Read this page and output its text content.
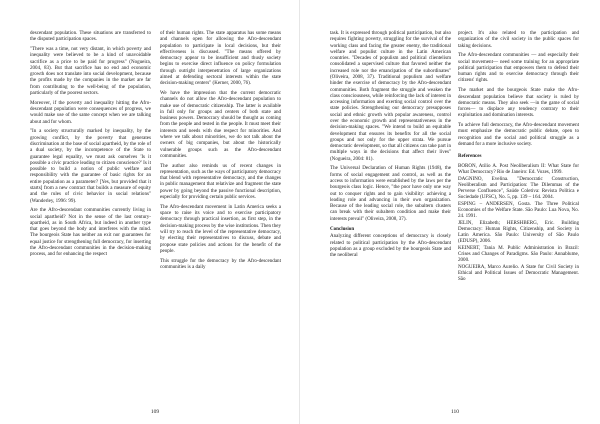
descendant population. These situations are transferred to the disputed participation spaces.

"There was a time, not very distant, in which poverty and inequality were believed to be a kind of unavoidable sacrifice as a price to be paid for progress" (Nogueira, 2004, 83). But that sacrifice has no end and economic growth does not translate into social development, because the profits made by the companies in the market are far from contributing to the well-being of the population, particularly of the poorest sectors.

Moreover, if the poverty and inequality hitting the Afro-descendant population were consequences of progress, we would make use of the same concept when we are talking about and for whom.

"In a society structurally marked by inequality, by the growing conflict, by the poverty that generates discrimination at the base of social apartheid, by the role of a dual society, by the incompetence of the State to guarantee legal equality, we must ask ourselves 'Is it possible a civic practice leading to citizen conscience?' Is it possible to build a notion of public welfare and responsibility with the guarantee of basic rights for an entire population as a parameter? [Yes, but provided that it starts] from a new contract that builds a measure of equity and the rules of civic behavior in social relations" (Wanderley, 1996: 99).

Are the Afro-descendant communities currently living in social apartheid? Not in the sense of the last century-apartheid, as in South Africa, but indeed in another type that goes beyond the body and interferes with the mind. The bourgeois State has neither an exit nor guarantees for equal justice for strengthening full democracy, for inserting the Afro-descendant communities in the decision-making process, and for enhancing the respect

of their human rights. The state apparatus has some means and channels open for allowing the Afro-descendant population to participate in local decisions, but their effectiveness is discussed. "The means offered by democracy appear to be insufficient and thusly society begins to exercise direct influence on policy formulation through outright interpenetration of large organizations aimed at defending sectoral interests within the state decision-making centers" (Kerner, 2000, 76).

We have the impression that the current democratic channels do not allow the Afro-descendant population to make use of democratic citizenship. The latter is available in full only for groups and centers of both state and business powers. Democracy should be thought as coming from the people and tested in the people. It must meet their interests and needs with due respect for minorities. And where we talk about minorities, we do not talk about the owners of big companies, but about the historically vulnerable groups such as the Afro-descendant communities.

The author also reminds us of recent changes in representation, such as the ways of participatory democracy that blend with representative democracy, and the changes in public management that relativize and fragment the state power by going beyond the passive functional description, especially for providing certain public services.

The Afro-descendant movement in Latin America seeks a space to raise its voice and to exercise participatory democracy through practical insertion, as first step, in the decision-making process by the wise institutions. Then they will try to reach the level of the representative democracy, by electing their representatives to discuss, debate and propose state policies and actions for the benefit of the people.

This struggle for the democracy by the Afro-descendant communities is a daily

109

task. It is expressed through political participation, but also requires fighting poverty, struggling for the survival of the working class and facing the greater enemy, the traditional welfare and populist culture in the Latin American countries. "Decades of populism and political clientelism consolidated a supervised culture that favored neither the increased role nor the emancipation of the subordinates"(Oliveira, 2008, 37). Traditional populism and welfare hinder the exercise of democracy by the Afro-descendant communities. Both fragment the struggle and weaken the class consciousness, while reinforcing the lack of interest in accessing information and exerting social control over the state policies. Strengthening our democracy presupposes social and ethnic growth with popular awareness, control over the economic growth and representativeness in the decision-making spaces. "We intend to build an equitable development that ensures its benefits for all the social groups and not only for the upper strata. We pursue democratic development, so that all citizens can take part in multiple ways in the decisions that affect their lives" (Nogueira, 2004: 81).

The Universal Declaration of Human Rights (1948), the forms of social engagement and control, as well as the access to information were established by the laws per the bourgeois class logic. Hence, "the poor have only one way out to conquer rights and to gain visibility: achieving a leading role and advancing in their own organization. Because of the leading social role, the subaltern clusters can break with their subaltern condition and make their interests prevail" (Oliveira, 2008, 37).

Conclusion

Analyzing different conceptions of democracy is closely related to political participation by the Afro-descendant population as a group excluded by the bourgeois State and the neoliberal

project. It's also related to the participation and organization of the civil society in the public spaces for taking decisions.

The Afro-descendant communities — and especially their social movement— need some training for an appropriate political participation that empowers them to defend their human rights and to exercise democracy through their citizens' rights.

The market and the bourgeois State make the Afro-descendant population believe that society is ruled by democratic means. They also seek —in the game of social forces— to displace any tendency contrary to their exploitation and domination interests.

To achieve full democracy, the Afro-descendant movement must emphasize the democratic public debate, open to recognition and the social and political struggle as a demand for a more inclusive society.

References

BORON, Atilio A. Post Neoliberalism II: What State for What Democracy? Rio de Janeiro: Ed. Vozes, 1999.

DAGNINO, Evelina. "Democratic Construction, Neoliberalism and Participation: The Dilemmas of the Perverse Confluence", Saúde Coletiva: Revista Política e Sociedade (UFSC), No. 5, pp. 139 – 164. 2004.

ESPING – ANDERSEN, Gosta. The Three Political Economies of the Welfare State. São Paulo: Lua Nova, No. 24. 1991.

JELIN, Elizabeth; HERSHBERG, Eric. Building Democracy: Human Rights, Citizenship, and Society in Latin America. São Paulo: University of São Paulo (EDUSP), 2006.

KEINERT, Tania M. Public Administration in Brazil: Crises and Changes of Paradigms. São Paulo: Annablume, 2000.

NOGUEIRA, Marco Aurelio. A State for Civil Society in Ethical and Political Issues of Democratic Management. São

110
